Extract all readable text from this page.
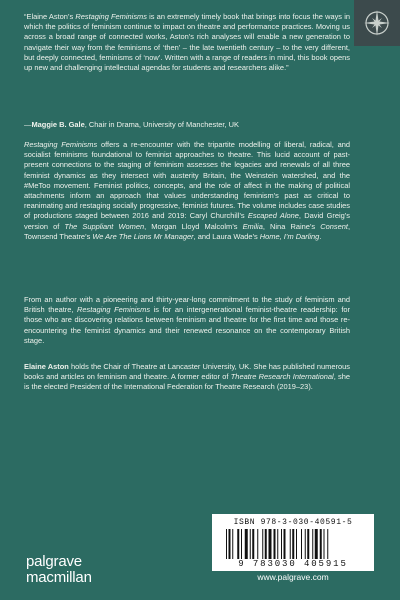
“Elaine Aston’s Restaging Feminisms is an extremely timely book that brings into focus the ways in which the politics of feminism continue to impact on theatre and performance practices. Moving us across a broad range of connected works, Aston’s rich analyses will enable a new generation to navigate their way from the feminisms of ‘then’ – the late twentieth century – to the very different, but deeply connected, feminisms of ‘now’. Written with a range of readers in mind, this book opens up new and challenging intellectual agendas for students and researchers alike.”

—Maggie B. Gale, Chair in Drama, University of Manchester, UK

Restaging Feminisms offers a re-encounter with the tripartite modelling of liberal, radical, and socialist feminisms foundational to feminist approaches to theatre. This lucid account of past-present connections to the staging of feminism assesses the legacies and renewals of all three feminist dynamics as they intersect with austerity Britain, the Weinstein watershed, and the #MeToo movement. Feminist politics, concepts, and the role of affect in the making of political attachments inform an approach that values understanding feminism’s past as critical to reanimating and restaging socially progressive, feminist futures. The volume includes case studies of productions staged between 2016 and 2019: Caryl Churchill’s Escaped Alone, David Greig’s version of The Suppliant Women, Morgan Lloyd Malcolm’s Emilia, Nina Raine’s Consent, Townsend Theatre’s We Are The Lions Mr Manager, and Laura Wade’s Home, I’m Darling.

From an author with a pioneering and thirty-year-long commitment to the study of feminism and British theatre, Restaging Feminisms is for an intergenerational feminist-theatre readership: for those who are discovering relations between feminism and theatre for the first time and those re-encountering the feminist dynamics and their renewed resonance on the contemporary British stage.

Elaine Aston holds the Chair of Theatre at Lancaster University, UK. She has published numerous books and articles on feminism and theatre. A former editor of Theatre Research International, she is the elected President of the International Federation for Theatre Research (2019–23).

palgrave
macmillan
ISBN 978-3-030-40591-5
9 783030 405915
www.palgrave.com
